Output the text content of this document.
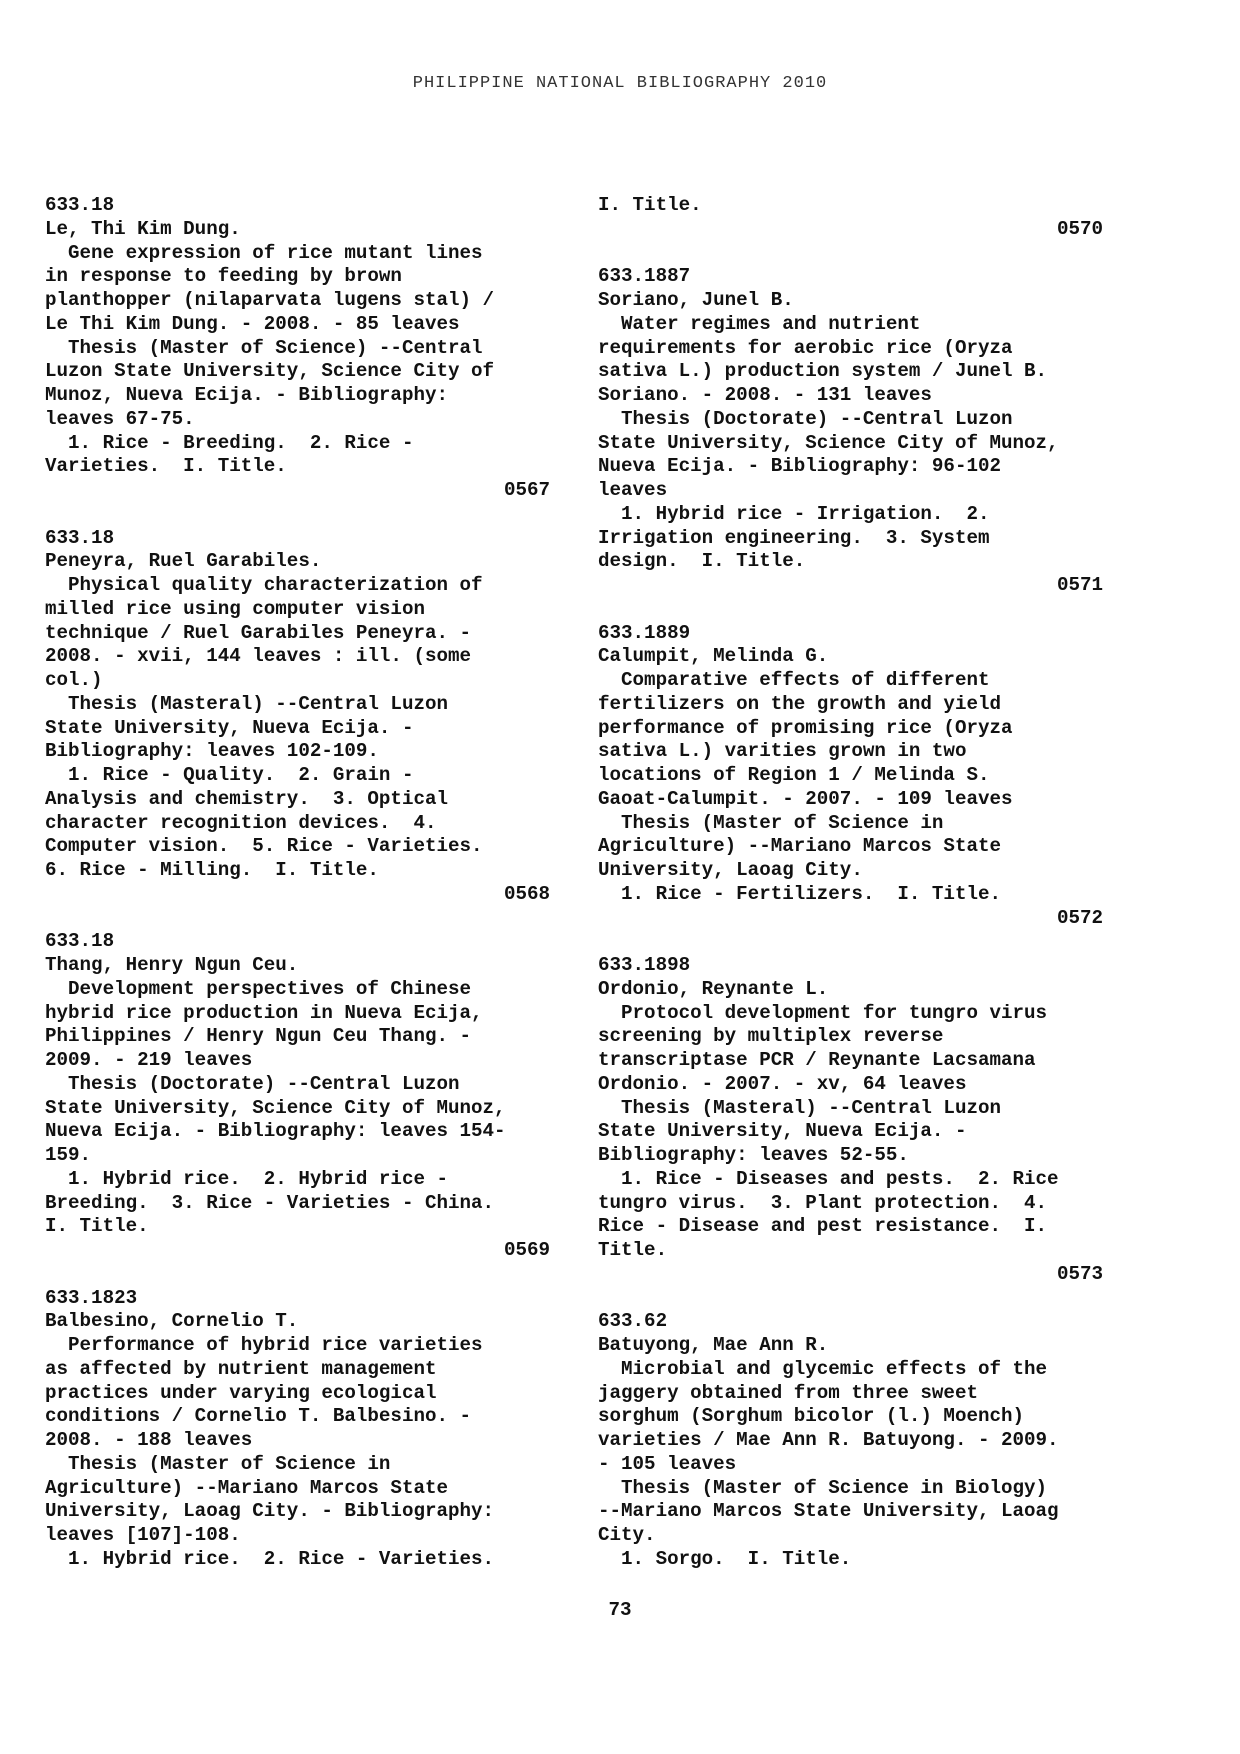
PHILIPPINE NATIONAL BIBLIOGRAPHY 2010
633.18
Le, Thi Kim Dung.
Gene expression of rice mutant lines
in response to feeding by brown
planthopper (nilaparvata lugens stal) /
Le Thi Kim Dung. - 2008. - 85 leaves
Thesis (Master of Science) --Central
Luzon State University, Science City of
Munoz, Nueva Ecija. - Bibliography:
leaves 67-75.
1. Rice - Breeding.  2. Rice -
Varieties.  I. Title.
0567
633.18
Peneyra, Ruel Garabiles.
Physical quality characterization of
milled rice using computer vision
technique / Ruel Garabiles Peneyra. -
2008. - xvii, 144 leaves : ill. (some
col.)
Thesis (Masteral) --Central Luzon
State University, Nueva Ecija. -
Bibliography: leaves 102-109.
1. Rice - Quality.  2. Grain -
Analysis and chemistry.  3. Optical
character recognition devices.  4.
Computer vision.  5. Rice - Varieties.
6. Rice - Milling.  I. Title.
0568
633.18
Thang, Henry Ngun Ceu.
Development perspectives of Chinese
hybrid rice production in Nueva Ecija,
Philippines / Henry Ngun Ceu Thang. -
2009. - 219 leaves
Thesis (Doctorate) --Central Luzon
State University, Science City of Munoz,
Nueva Ecija. - Bibliography: leaves 154-
159.
1. Hybrid rice.  2. Hybrid rice -
Breeding.  3. Rice - Varieties - China.
I. Title.
0569
633.1823
Balbesino, Cornelio T.
Performance of hybrid rice varieties
as affected by nutrient management
practices under varying ecological
conditions / Cornelio T. Balbesino. -
2008. - 188 leaves
Thesis (Master of Science in
Agriculture) --Mariano Marcos State
University, Laoag City. - Bibliography:
leaves [107]-108.
1. Hybrid rice.  2. Rice - Varieties.
I. Title.
0570
633.1887
Soriano, Junel B.
Water regimes and nutrient
requirements for aerobic rice (Oryza
sativa L.) production system / Junel B.
Soriano. - 2008. - 131 leaves
Thesis (Doctorate) --Central Luzon
State University, Science City of Munoz,
Nueva Ecija. - Bibliography: 96-102
leaves
1. Hybrid rice - Irrigation.  2.
Irrigation engineering.  3. System
design.  I. Title.
0571
633.1889
Calumpit, Melinda G.
Comparative effects of different
fertilizers on the growth and yield
performance of promising rice (Oryza
sativa L.) varities grown in two
locations of Region 1 / Melinda S.
Gaoat-Calumpit. - 2007. - 109 leaves
Thesis (Master of Science in
Agriculture) --Mariano Marcos State
University, Laoag City.
1. Rice - Fertilizers.  I. Title.
0572
633.1898
Ordonio, Reynante L.
Protocol development for tungro virus
screening by multiplex reverse
transcriptase PCR / Reynante Lacsamana
Ordonio. - 2007. - xv, 64 leaves
Thesis (Masteral) --Central Luzon
State University, Nueva Ecija. -
Bibliography: leaves 52-55.
1. Rice - Diseases and pests.  2. Rice
tungro virus.  3. Plant protection.  4.
Rice - Disease and pest resistance.  I.
Title.
0573
633.62
Batuyong, Mae Ann R.
Microbial and glycemic effects of the
jaggery obtained from three sweet
sorghum (Sorghum bicolor (l.) Moench)
varieties / Mae Ann R. Batuyong. - 2009.
- 105 leaves
Thesis (Master of Science in Biology)
--Mariano Marcos State University, Laoag
City.
1. Sorgo.  I. Title.
73
